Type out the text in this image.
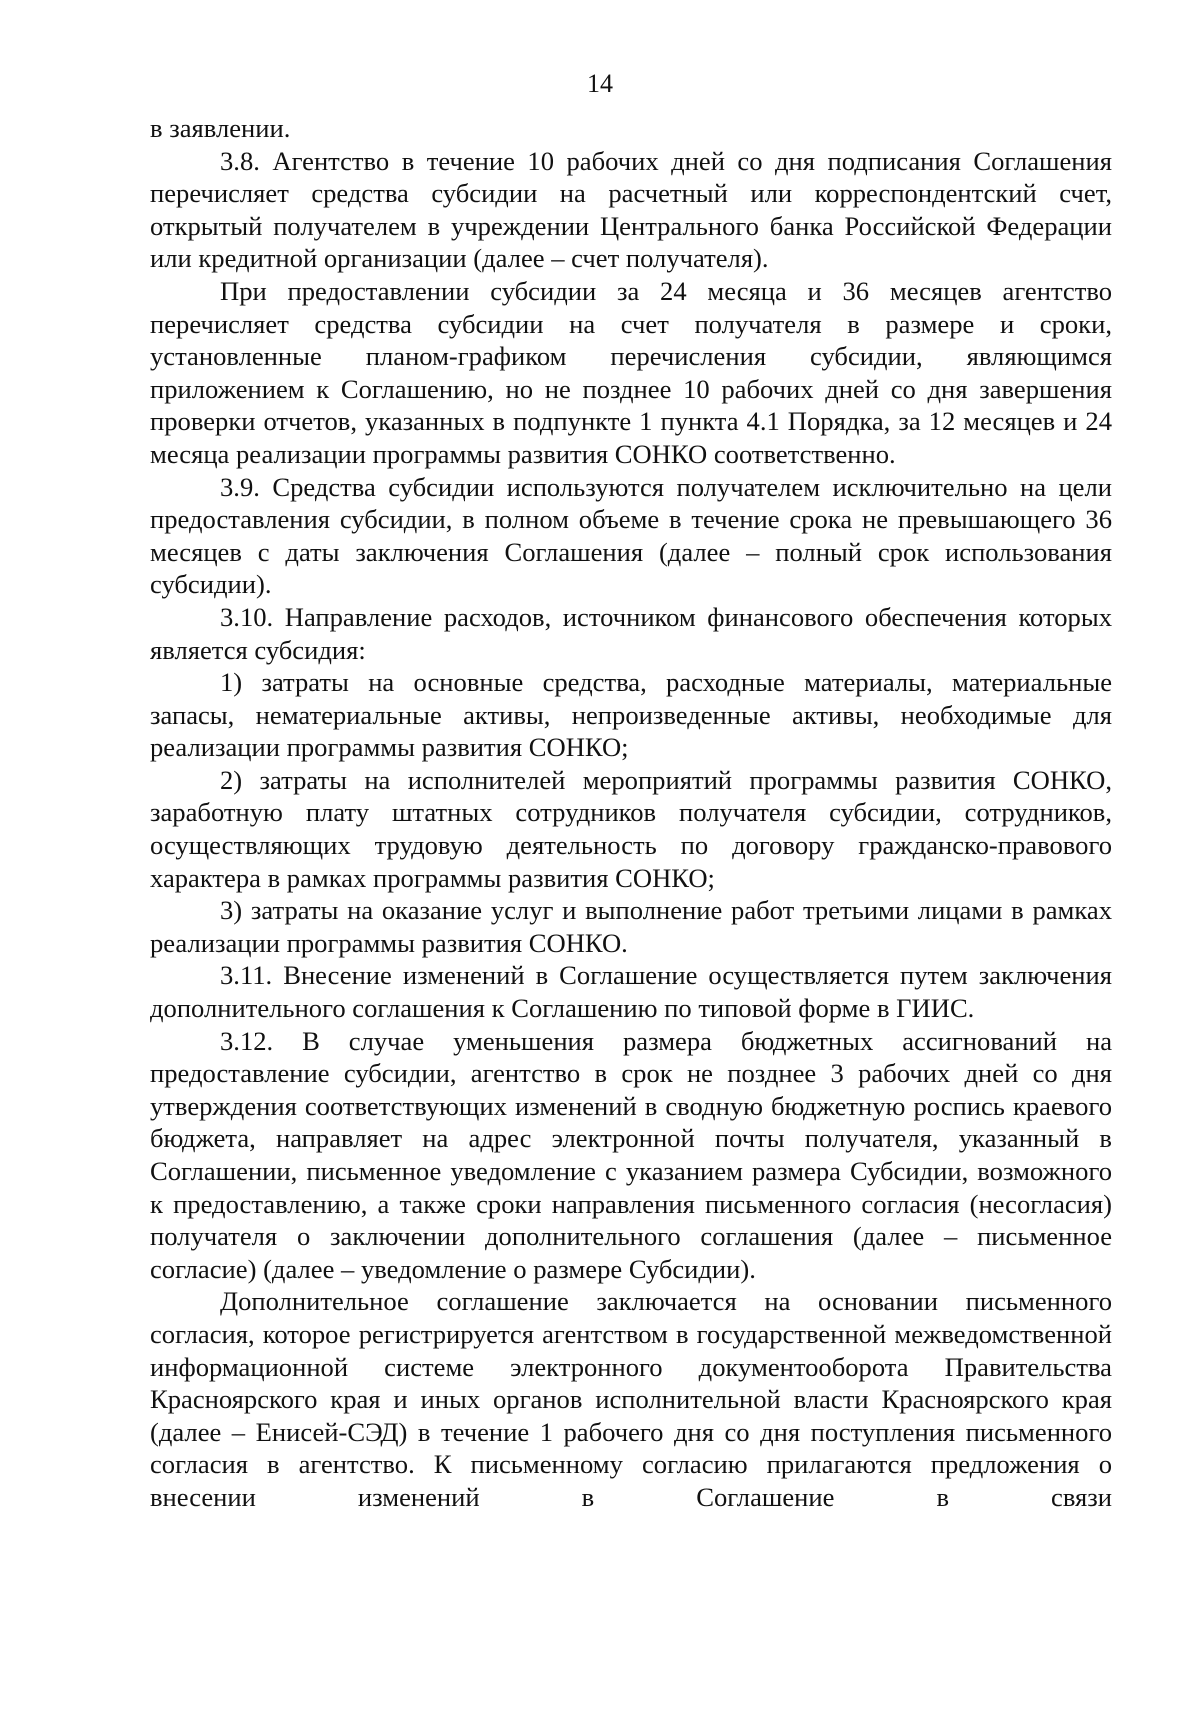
14

в заявлении.

3.8. Агентство в течение 10 рабочих дней со дня подписания Соглашения перечисляет средства субсидии на расчетный или корреспондентский счет, открытый получателем в учреждении Центрального банка Российской Федерации или кредитной организации (далее – счет получателя).

При предоставлении субсидии за 24 месяца и 36 месяцев агентство перечисляет средства субсидии на счет получателя в размере и сроки, установленные планом-графиком перечисления субсидии, являющимся приложением к Соглашению, но не позднее 10 рабочих дней со дня завершения проверки отчетов, указанных в подпункте 1 пункта 4.1 Порядка, за 12 месяцев и 24 месяца реализации программы развития СОНКО соответственно.

3.9. Средства субсидии используются получателем исключительно на цели предоставления субсидии, в полном объеме в течение срока не превышающего 36 месяцев с даты заключения Соглашения (далее – полный срок использования субсидии).

3.10. Направление расходов, источником финансового обеспечения которых является субсидия:

1) затраты на основные средства, расходные материалы, материальные запасы, нематериальные активы, непроизведенные активы, необходимые для реализации программы развития СОНКО;

2) затраты на исполнителей мероприятий программы развития СОНКО, заработную плату штатных сотрудников получателя субсидии, сотрудников, осуществляющих трудовую деятельность по договору гражданско-правового характера в рамках программы развития СОНКО;

3) затраты на оказание услуг и выполнение работ третьими лицами в рамках реализации программы развития СОНКО.

3.11. Внесение изменений в Соглашение осуществляется путем заключения дополнительного соглашения к Соглашению по типовой форме в ГИИС.

3.12. В случае уменьшения размера бюджетных ассигнований на предоставление субсидии, агентство в срок не позднее 3 рабочих дней со дня утверждения соответствующих изменений в сводную бюджетную роспись краевого бюджета, направляет на адрес электронной почты получателя, указанный в Соглашении, письменное уведомление с указанием размера Субсидии, возможного к предоставлению, а также сроки направления письменного согласия (несогласия) получателя о заключении дополнительного соглашения (далее – письменное согласие) (далее – уведомление о размере Субсидии).

Дополнительное соглашение заключается на основании письменного согласия, которое регистрируется агентством в государственной межведомственной информационной системе электронного документооборота Правительства Красноярского края и иных органов исполнительной власти Красноярского края (далее – Енисей-СЭД) в течение 1 рабочего дня со дня поступления письменного согласия в агентство. К письменному согласию прилагаются предложения о внесении изменений в Соглашение в связи
